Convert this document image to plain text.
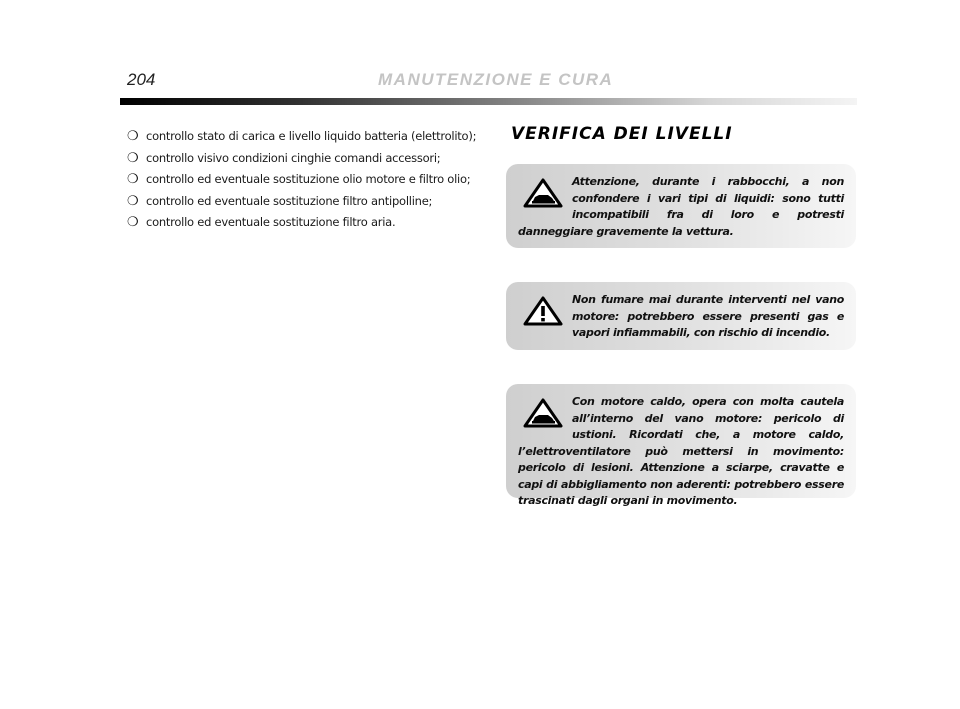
204	MANUTENZIONE E CURA
❍ controllo stato di carica e livello liquido batteria (elettrolito);
❍ controllo visivo condizioni cinghie comandi accessori;
❍ controllo ed eventuale sostituzione olio motore e filtro olio;
❍ controllo ed eventuale sostituzione filtro antipolline;
❍ controllo ed eventuale sostituzione filtro aria.
VERIFICA DEI LIVELLI

Attenzione, durante i rabbocchi, a non confondere i vari tipi di liquidi: sono tutti incompatibili fra di loro e potresti danneggiare gravemente la vettura.

Non fumare mai durante interventi nel vano motore: potrebbero essere presenti gas e vapori infiammabili, con rischio di incendio.

Con motore caldo, opera con molta cautela all’interno del vano motore: pericolo di ustioni. Ricordati che, a motore caldo, l’elettroventilatore può mettersi in movimento: pericolo di lesioni. Attenzione a sciarpe, cravatte e capi di abbigliamento non aderenti: potrebbero essere trascinati dagli organi in movimento.
